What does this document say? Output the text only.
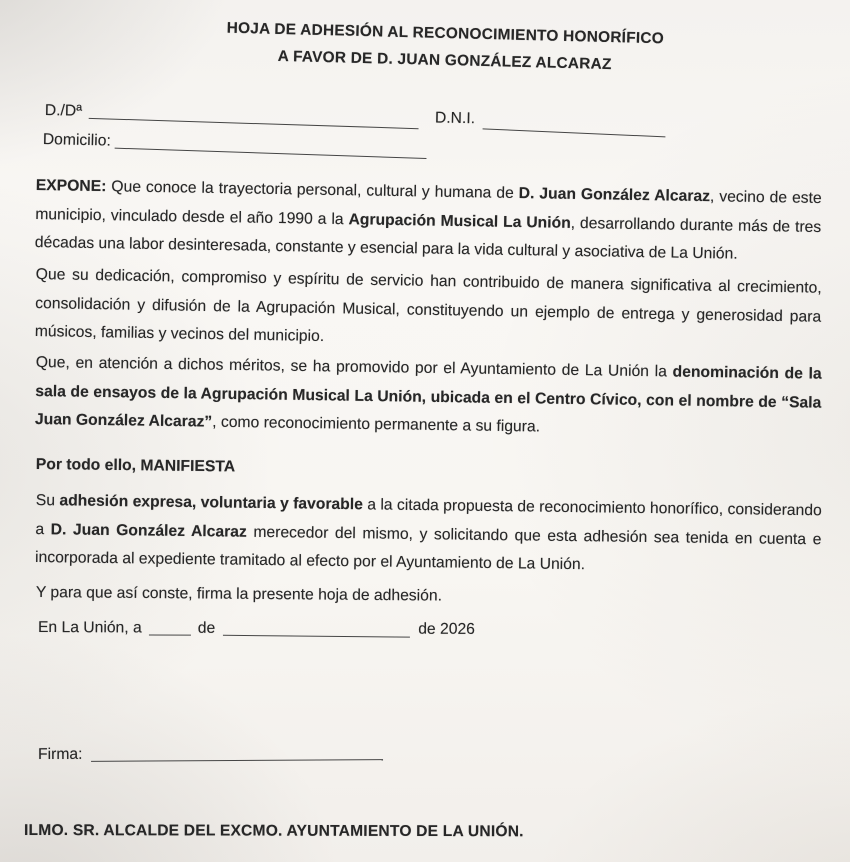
HOJA DE ADHESIÓN AL RECONOCIMIENTO HONORÍFICO
A FAVOR DE D. JUAN GONZÁLEZ ALCARAZ
D./Dª	D.N.I.
Domicilio:

EXPONE: Que conoce la trayectoria personal, cultural y humana de D. Juan González Alcaraz, vecino de este municipio, vinculado desde el año 1990 a la Agrupación Musical La Unión, desarrollando durante más de tres décadas una labor desinteresada, constante y esencial para la vida cultural y asociativa de La Unión.

Que su dedicación, compromiso y espíritu de servicio han contribuido de manera significativa al crecimiento, consolidación y difusión de la Agrupación Musical, constituyendo un ejemplo de entrega y generosidad para músicos, familias y vecinos del municipio.

Que, en atención a dichos méritos, se ha promovido por el Ayuntamiento de La Unión la denominación de la sala de ensayos de la Agrupación Musical La Unión, ubicada en el Centro Cívico, con el nombre de “Sala Juan González Alcaraz”, como reconocimiento permanente a su figura.

Por todo ello, MANIFIESTA

Su adhesión expresa, voluntaria y favorable a la citada propuesta de reconocimiento honorífico, considerando a D. Juan González Alcaraz merecedor del mismo, y solicitando que esta adhesión sea tenida en cuenta e incorporada al expediente tramitado al efecto por el Ayuntamiento de La Unión.

Y para que así conste, firma la presente hoja de adhesión.

En La Unión, a	de	de 2026
Firma:
ILMO. SR. ALCALDE DEL EXCMO. AYUNTAMIENTO DE LA UNIÓN.
